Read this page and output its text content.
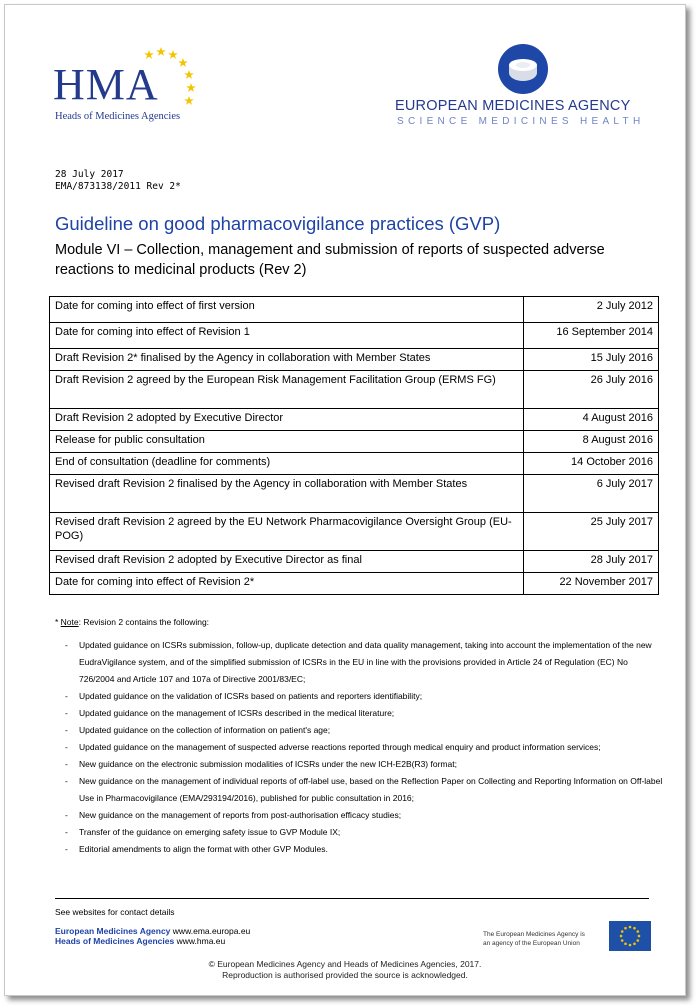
HMA
Heads of Medicines Agencies
EUROPEAN MEDICINES AGENCY
SCIENCE MEDICINES HEALTH
28 July 2017
EMA/873138/2011 Rev 2*
Guideline on good pharmacovigilance practices (GVP)
Module VI – Collection, management and submission of reports of suspected adverse reactions to medicinal products (Rev 2)
Date for coming into effect of first version	2 July 2012
Date for coming into effect of Revision 1	16 September 2014
Draft Revision 2* finalised by the Agency in collaboration with Member States	15 July 2016
Draft Revision 2 agreed by the European Risk Management Facilitation Group (ERMS FG)	26 July 2016
Draft Revision 2 adopted by Executive Director	4 August 2016
Release for public consultation	8 August 2016
End of consultation (deadline for comments)	14 October 2016
Revised draft Revision 2 finalised by the Agency in collaboration with Member States	6 July 2017
Revised draft Revision 2 agreed by the EU Network Pharmacovigilance Oversight Group (EU-POG)	25 July 2017
Revised draft Revision 2 adopted by Executive Director as final	28 July 2017
Date for coming into effect of Revision 2*	22 November 2017
* Note: Revision 2 contains the following:
- Updated guidance on ICSRs submission, follow-up, duplicate detection and data quality management, taking into account the implementation of the new EudraVigilance system, and of the simplified submission of ICSRs in the EU in line with the provisions provided in Article 24 of Regulation (EC) No 726/2004 and Article 107 and 107a of Directive 2001/83/EC;
- Updated guidance on the validation of ICSRs based on patients and reporters identifiability;
- Updated guidance on the management of ICSRs described in the medical literature;
- Updated guidance on the collection of information on patient's age;
- Updated guidance on the management of suspected adverse reactions reported through medical enquiry and product information services;
- New guidance on the electronic submission modalities of ICSRs under the new ICH-E2B(R3) format;
- New guidance on the management of individual reports of off-label use, based on the Reflection Paper on Collecting and Reporting Information on Off-label Use in Pharmacovigilance (EMA/293194/2016), published for public consultation in 2016;
- New guidance on the management of reports from post-authorisation efficacy studies;
- Transfer of the guidance on emerging safety issue to GVP Module IX;
- Editorial amendments to align the format with other GVP Modules.
See websites for contact details
European Medicines Agency www.ema.europa.eu
Heads of Medicines Agencies www.hma.eu
The European Medicines Agency is
an agency of the European Union
© European Medicines Agency and Heads of Medicines Agencies, 2017.
Reproduction is authorised provided the source is acknowledged.
